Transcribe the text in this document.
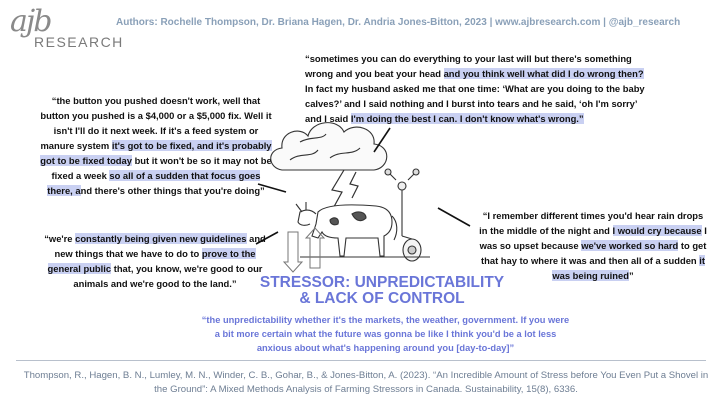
ajb
RESEARCH
Authors: Rochelle Thompson, Dr. Briana Hagen, Dr. Andria Jones-Bitton, 2023 | www.ajbresearch.com | @ajb_research
“sometimes you can do everything to your last will but there's something wrong and you beat your head and you think well what did I do wrong then? In fact my husband asked me that one time: ‘What are you doing to the baby calves?’ and I said nothing and I burst into tears and he said, ‘oh I'm sorry’ and I said I'm doing the best I can. I don't know what's wrong.”
“the button you pushed doesn't work, well that button you pushed is a $4,000 or a $5,000 fix. Well it isn't I'll do it next week. If it's a feed system or manure system it's got to be fixed, and it's probably got to be fixed today but it won't be so it may not be fixed a week so all of a sudden that focus goes there, and there's other things that you're doing”
“I remember different times you'd hear rain drops in the middle of the night and I would cry because I was so upset because we've worked so hard to get that hay to where it was and then all of a sudden it was being ruined”
“we're constantly being given new guidelines and new things that we have to do to prove to the general public that, you know, we're good to our animals and we're good to the land.”	STRESSOR: UNPREDICTABILITY
& LACK OF CONTROL
“the unpredictability whether it's the markets, the weather, government. If you were a bit more certain what the future was gonna be like I think you'd be a lot less anxious about what's happening around you [day-to-day]”
Thompson, R., Hagen, B. N., Lumley, M. N., Winder, C. B., Gohar, B., & Jones-Bitton, A. (2023). “An Incredible Amount of Stress before You Even Put a Shovel in the Ground”: A Mixed Methods Analysis of Farming Stressors in Canada. Sustainability, 15(8), 6336.
